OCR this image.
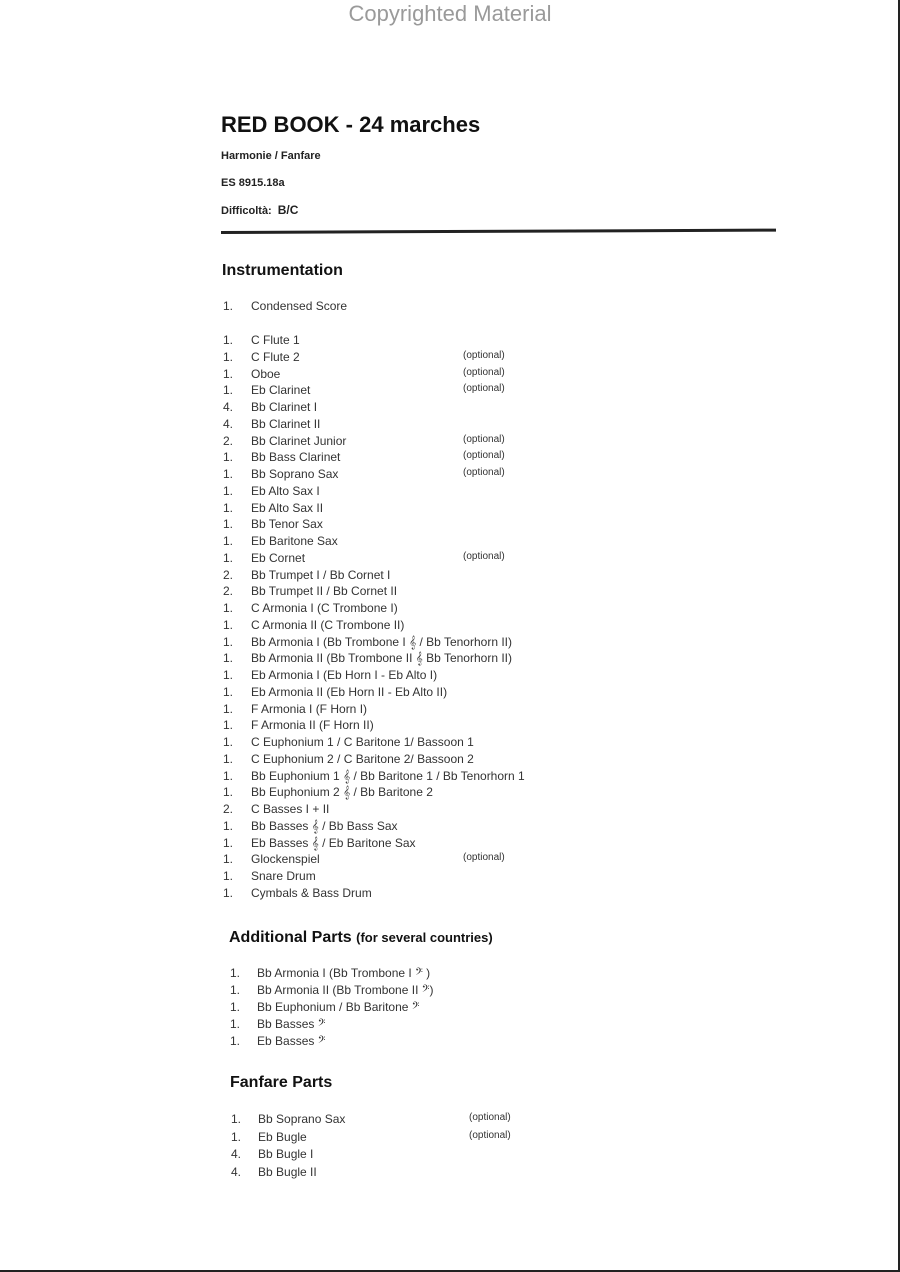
Copyrighted Material
RED BOOK - 24 marches
Harmonie / Fanfare
ES 8915.18a
Difficoltà: B/C
Instrumentation
1. Condensed Score
1. C Flute 1
1. C Flute 2	(optional)
1. Oboe	(optional)
1. Eb Clarinet	(optional)
4. Bb Clarinet I
4. Bb Clarinet II
2. Bb Clarinet Junior	(optional)
1. Bb Bass Clarinet	(optional)
1. Bb Soprano Sax	(optional)
1. Eb Alto Sax I
1. Eb Alto Sax II
1. Bb Tenor Sax
1. Eb Baritone Sax
1. Eb Cornet	(optional)
2. Bb Trumpet I / Bb Cornet I
2. Bb Trumpet II / Bb Cornet II
1. C Armonia I (C Trombone I)
1. C Armonia II (C Trombone II)
1. Bb Armonia I (Bb Trombone I 𝄞 / Bb Tenorhorn II)
1. Bb Armonia II (Bb Trombone II 𝄞 Bb Tenorhorn II)
1. Eb Armonia I (Eb Horn I - Eb Alto I)
1. Eb Armonia II (Eb Horn II - Eb Alto II)
1. F Armonia I (F Horn I)
1. F Armonia II (F Horn II)
1. C Euphonium 1 / C Baritone 1/ Bassoon 1
1. C Euphonium 2 / C Baritone 2/ Bassoon 2
1. Bb Euphonium 1 𝄞 / Bb Baritone 1 / Bb Tenorhorn 1
1. Bb Euphonium 2 𝄞 / Bb Baritone 2
2. C Basses I + II
1. Bb Basses 𝄞 / Bb Bass Sax
1. Eb Basses 𝄞 / Eb Baritone Sax
1. Glockenspiel	(optional)
1. Snare Drum
1. Cymbals & Bass Drum
Additional Parts (for several countries)
1. Bb Armonia I (Bb Trombone I 𝄢 )
1. Bb Armonia II (Bb Trombone II 𝄢)
1. Bb Euphonium / Bb Baritone 𝄢
1. Bb Basses 𝄢
1. Eb Basses 𝄢
Fanfare Parts
1. Bb Soprano Sax	(optional)
1. Eb Bugle	(optional)
4. Bb Bugle I
4. Bb Bugle II
